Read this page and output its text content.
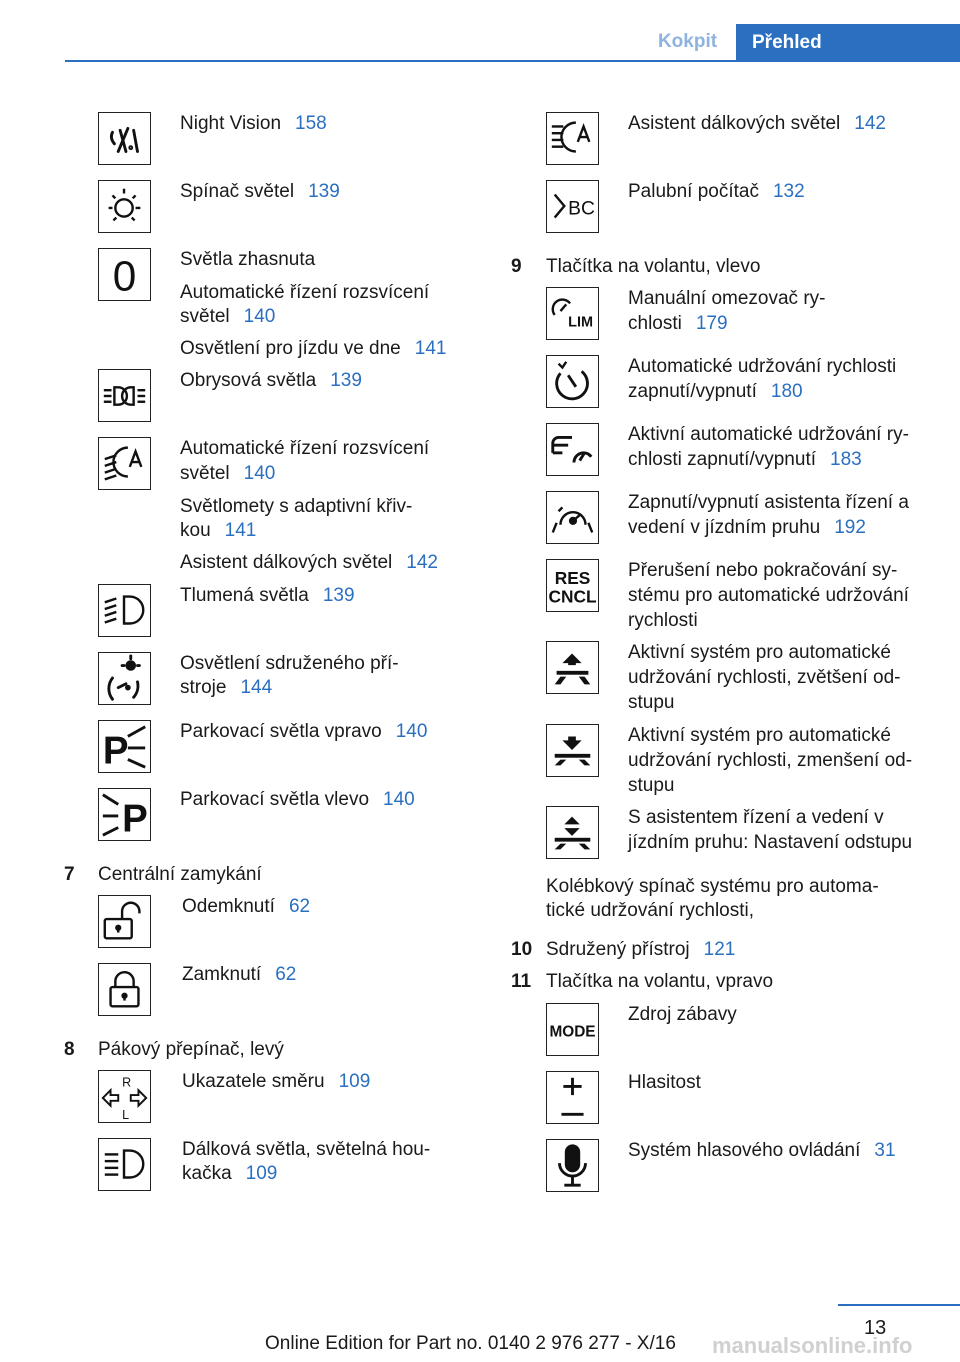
Kokpit	Přehled
Night Vision 158
Spínač světel 139
0 Světla zhasnuta
Automatické řízení rozsvícení
světel 140
Osvětlení pro jízdu ve dne 141
Obrysová světla 139
Automatické řízení rozsvícení
světel 140
Světlomety s adaptivní křiv-
kou 141
Asistent dálkových světel 142
Tlumená světla 139
Osvětlení sdruženého pří-
stroje 144
P	Parkovací světla vpravo 140
P Parkovací světla vlevo 140
7 Centrální zamykání
Odemknutí 62
Zamknutí 62
8 Pákový přepínač, levý
R
L
Ukazatele směru 109
Dálková světla, světelná hou-
kačka 109
Asistent dálkových světel 142
BC
Palubní počítač 132
9 Tlačítka na volantu, vlevo
LIM
Manuální omezovač ry-
chlosti 179
Automatické udržování rychlosti
zapnutí/vypnutí 180
Aktivní automatické udržování ry-
chlosti zapnutí/vypnutí 183
Zapnutí/vypnutí asistenta řízení a
vedení v jízdním pruhu 192
RES
CNCL
Přerušení nebo pokračování sy-
stému pro automatické udržování
rychlosti
Aktivní systém pro automatické
udržování rychlosti, zvětšení od-
stupu
Aktivní systém pro automatické
udržování rychlosti, zmenšení od-
stupu
S asistentem řízení a vedení v
jízdním pruhu: Nastavení odstupu
Kolébkový spínač systému pro automa-
tické udržování rychlosti,
10 Sdružený přístroj 121
11 Tlačítka na volantu, vpravo
MODE
Zdroj zábavy
Hlasitost
Systém hlasového ovládání 31
13
Online Edition for Part no. 0140 2 976 277 - X/16 manualsonline.info
